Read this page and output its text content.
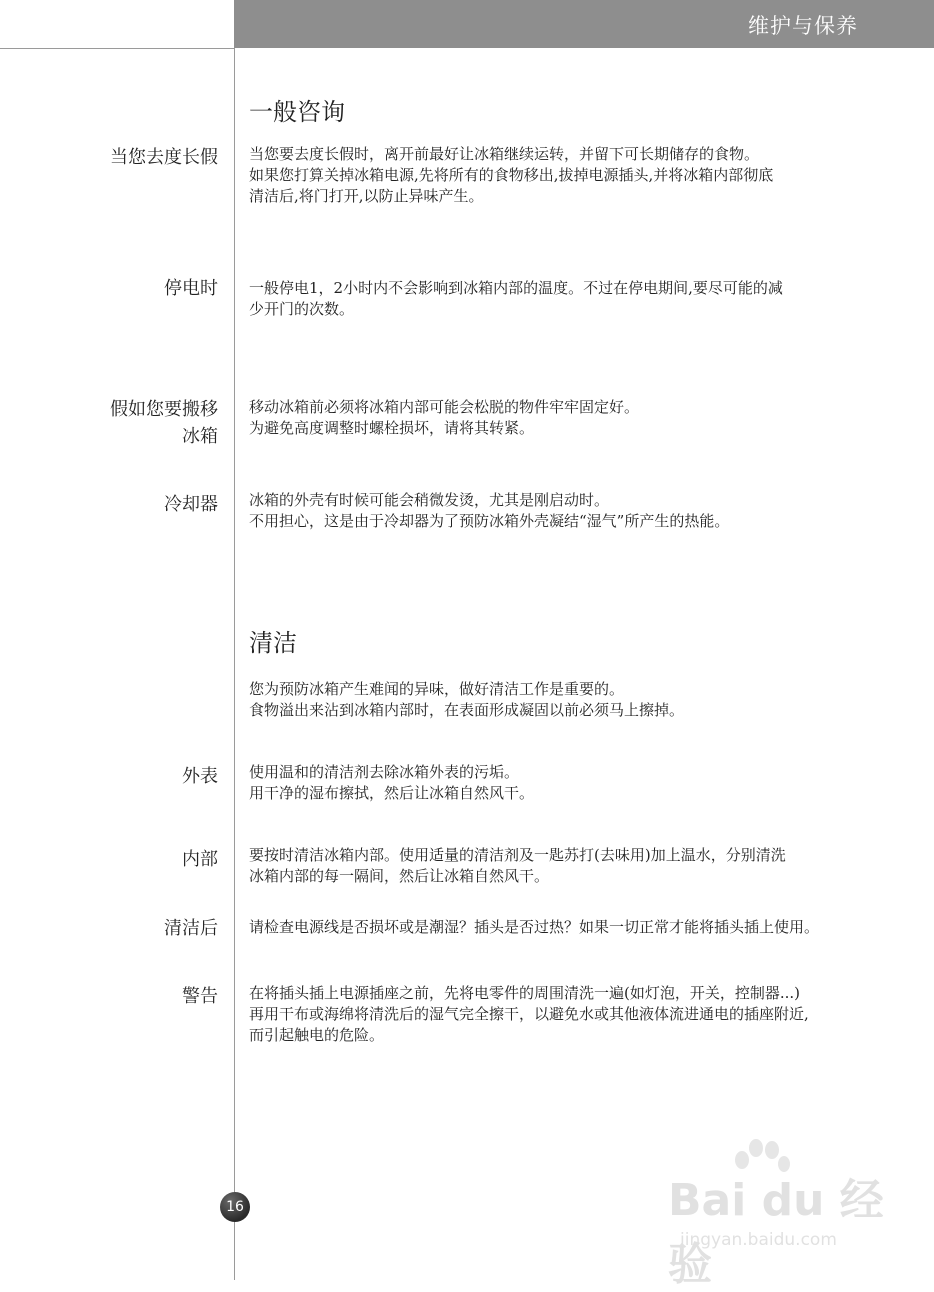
维护与保养
一般咨询
当您去度长假 当您要去度长假时，离开前最好让冰箱继续运转，并留下可长期储存的食物。
如果您打算关掉冰箱电源,先将所有的食物移出,拔掉电源插头,并将冰箱内部彻底
清洁后,将门打开,以防止异味产生。
停电时 一般停电1，2小时内不会影响到冰箱内部的温度。不过在停电期间,要尽可能的减
少开门的次数。
假如您要搬移
冰箱
移动冰箱前必须将冰箱内部可能会松脱的物件牢牢固定好。
为避免高度调整时螺栓损坏，请将其转紧。
冷却器 冰箱的外壳有时候可能会稍微发烫，尤其是刚启动时。
不用担心，这是由于冷却器为了预防冰箱外壳凝结“湿气”所产生的热能。
清洁
您为预防冰箱产生难闻的异味，做好清洁工作是重要的。
食物溢出来沾到冰箱内部时，在表面形成凝固以前必须马上擦掉。
外表 使用温和的清洁剂去除冰箱外表的污垢。
用干净的湿布擦拭，然后让冰箱自然风干。
内部 要按时清洁冰箱内部。使用适量的清洁剂及一匙苏打(去味用)加上温水，分别清洗
冰箱内部的每一隔间，然后让冰箱自然风干。
清洁后 请检查电源线是否损坏或是潮湿？插头是否过热？如果一切正常才能将插头插上使用。
警告 在将插头插上电源插座之前，先将电零件的周围清洗一遍(如灯泡，开关，控制器...)
再用干布或海绵将清洗后的湿气完全擦干，以避免水或其他液体流进通电的插座附近,
而引起触电的危险。
16	Bai du 经验
jingyan.baidu.com
